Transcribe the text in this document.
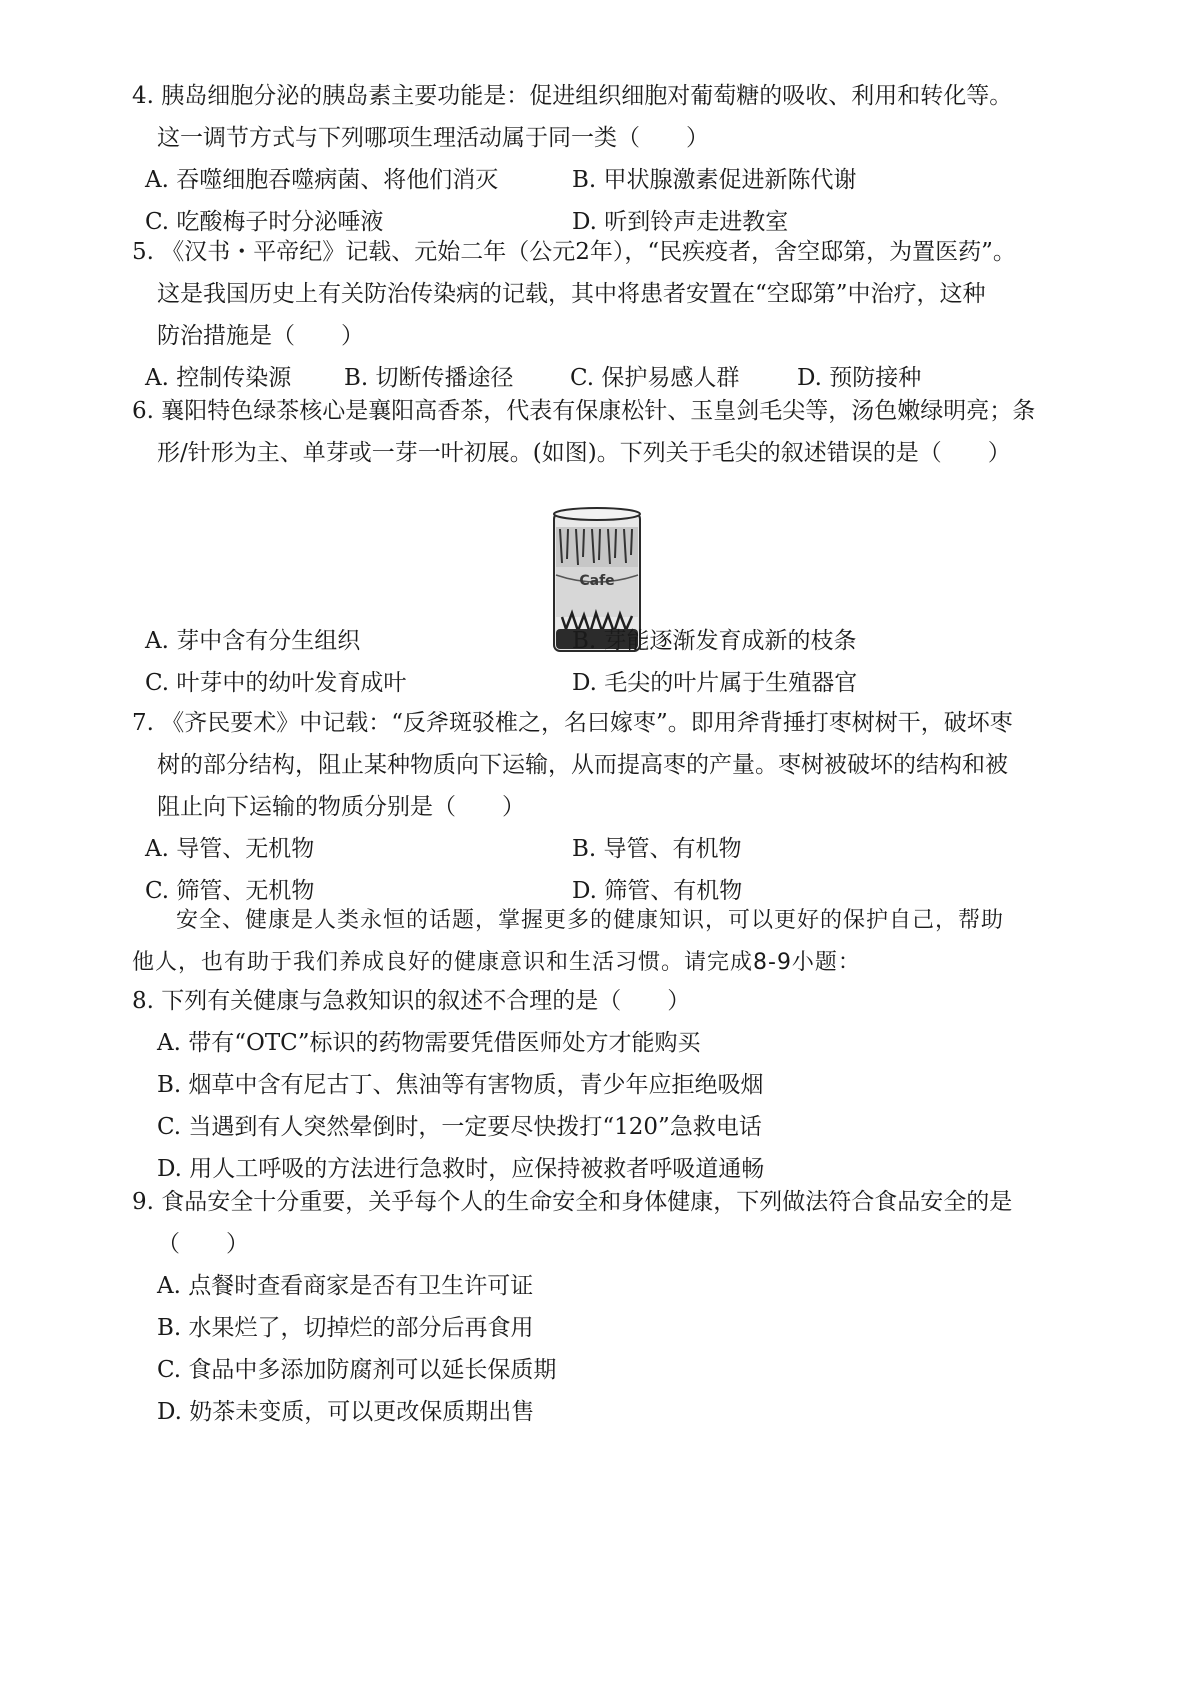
4. 胰岛细胞分泌的胰岛素主要功能是：促进组织细胞对葡萄糖的吸收、利用和转化等。

这一调节方式与下列哪项生理活动属于同一类（　　）

A. 吞噬细胞吞噬病菌、将他们消灭	B. 甲状腺激素促进新陈代谢
C. 吃酸梅子时分泌唾液	D. 听到铃声走进教室

5. 《汉书・平帝纪》记载、元始二年（公元2年），“民疾疫者，舍空邸第，为置医药”。

这是我国历史上有关防治传染病的记载，其中将患者安置在“空邸第”中治疗，这种

防治措施是（　　）

A. 控制传染源 B. 切断传播途径 C. 保护易感人群	D. 预防接种

6. 襄阳特色绿茶核心是襄阳高香茶，代表有保康松针、玉皇剑毛尖等，汤色嫩绿明亮；条

形/针形为主、单芽或一芽一叶初展。(如图)。下列关于毛尖的叙述错误的是（　　）

Cafe
A. 芽中含有分生组织	B. 芽能逐渐发育成新的枝条
C. 叶芽中的幼叶发育成叶	D. 毛尖的叶片属于生殖器官

7. 《齐民要术》中记载：“反斧斑驳椎之，名曰嫁枣”。即用斧背捶打枣树树干，破坏枣

树的部分结构，阻止某种物质向下运输，从而提高枣的产量。枣树被破坏的结构和被

阻止向下运输的物质分别是（　　）

A. 导管、无机物	B. 导管、有机物
C. 筛管、无机物	D. 筛管、有机物
安全、健康是人类永恒的话题，掌握更多的健康知识，可以更好的保护自己，帮助
他人，也有助于我们养成良好的健康意识和生活习惯。请完成8-9小题：

8. 下列有关健康与急救知识的叙述不合理的是（　　）

A. 带有“OTC”标识的药物需要凭借医师处方才能购买
B. 烟草中含有尼古丁、焦油等有害物质，青少年应拒绝吸烟
C. 当遇到有人突然晕倒时，一定要尽快拨打“120”急救电话
D. 用人工呼吸的方法进行急救时，应保持被救者呼吸道通畅

9. 食品安全十分重要，关乎每个人的生命安全和身体健康，下列做法符合食品安全的是

（　　）

A. 点餐时查看商家是否有卫生许可证
B. 水果烂了，切掉烂的部分后再食用
C. 食品中多添加防腐剂可以延长保质期
D. 奶茶未变质，可以更改保质期出售
